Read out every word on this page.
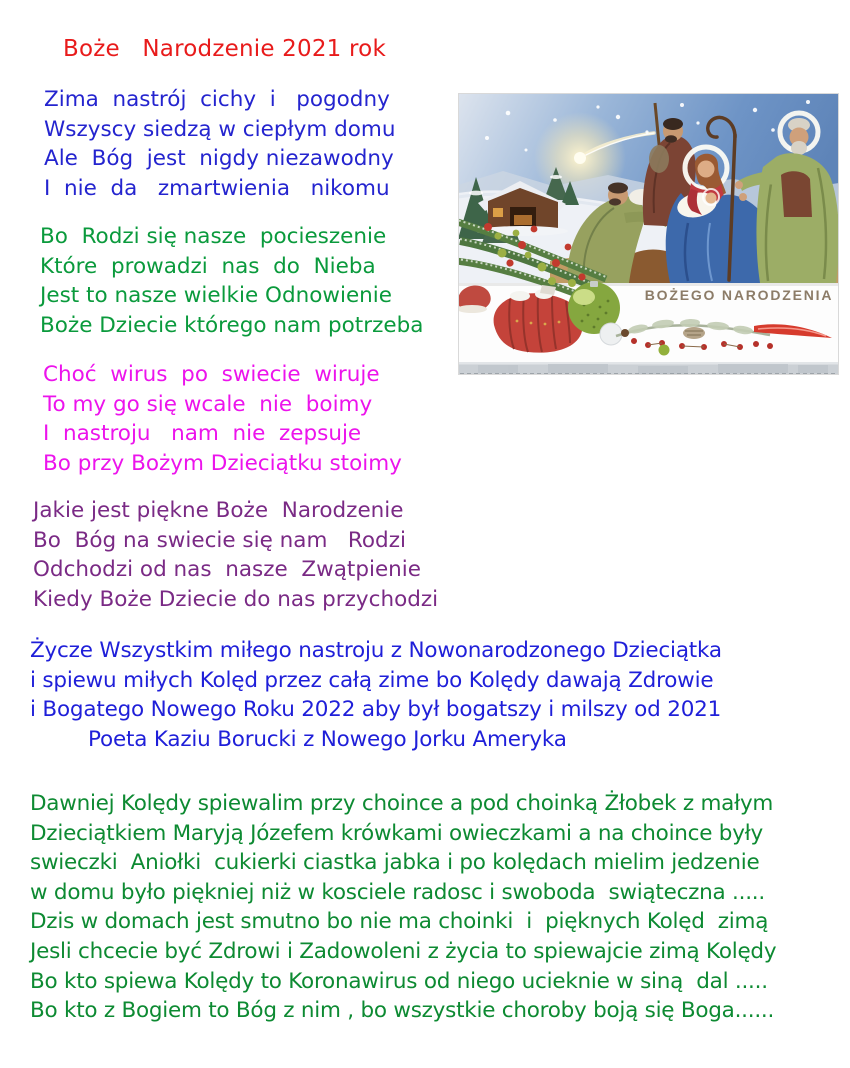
Boże   Narodzenie 2021 rok
Zima  nastrój  cichy  i   pogodny
Wszyscy siedzą w ciepłym domu
Ale  Bóg  jest  nigdy niezawodny
I  nie  da   zmartwienia   nikomu
Bo  Rodzi się nasze  pocieszenie
Które  prowadzi  nas  do  Nieba
Jest to nasze wielkie Odnowienie
Boże Dziecie którego nam potrzeba
Choć  wirus  po  swiecie  wiruje
To my go się wcale  nie  boimy
I  nastroju   nam  nie  zepsuje
Bo przy Bożym Dzieciątku stoimy
Jakie jest piękne Boże  Narodzenie
Bo  Bóg na swiecie się nam   Rodzi
Odchodzi od nas  nasze  Zwątpienie
Kiedy Boże Dziecie do nas przychodzi
Życze Wszystkim miłego nastroju z Nowonarodzonego Dzieciątka
i spiewu miłych Kolęd przez całą zime bo Kolędy dawają Zdrowie
i Bogatego Nowego Roku 2022 aby był bogatszy i milszy od 2021
Poeta Kaziu Borucki z Nowego Jorku Ameryka
Dawniej Kolędy spiewalim przy choince a pod choinką Żłobek z małym
Dzieciątkiem Maryją Józefem krówkami owieczkami a na choince były
swieczki  Aniołki  cukierki ciastka jabka i po kolędach mielim jedzenie
w domu było piękniej niż w kosciele radosc i swoboda  swiąteczna .....
Dzis w domach jest smutno bo nie ma choinki  i  pięknych Kolęd  zimą
Jesli chcecie być Zdrowi i Zadowoleni z życia to spiewajcie zimą Kolędy
Bo kto spiewa Kolędy to Koronawirus od niego ucieknie w siną  dal .....
Bo kto z Bogiem to Bóg z nim , bo wszystkie choroby boją się Boga......
BOŻEGO NARODZENIA
